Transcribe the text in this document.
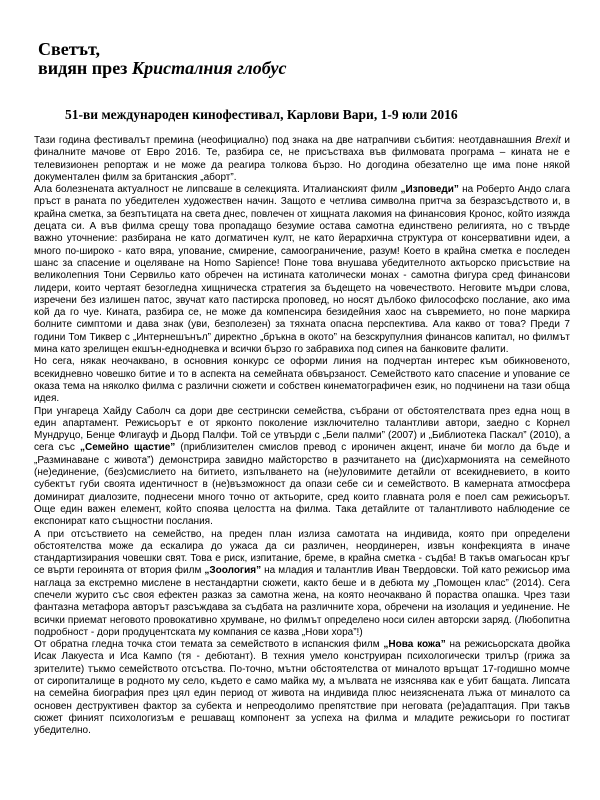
Светът,
видян през Кристалния глобус
51-ви международен кинофестивал, Карлови Вари, 1-9 юли 2016

Тази година фестивалът премина (неофициално) под знака на две натрапчиви събития: неотдавнашния Brexit и финалните мачове от Евро 2016. Те, разбира се, не присъстваха във филмовата програма – кината не е телевизионен репортаж и не може да реагира толкова бързо. Но догодина обезателно ще има поне някой документален филм за британския „аборт”.

Ала болезнената актуалност не липсваше в селекцията. Италианският филм „Изповеди” на Роберто Андо слага пръст в раната по убедителен художествен начин. Защото е четлива символна притча за безразсъдството и, в крайна сметка, за безпътицата на света днес, повлечен от хищната лакомия на финансовия Кронос, който изяжда децата си. А във филма срещу това пропадащо безумие остава самотна единствено религията, но с твърде важно уточнение: разбирана не като догматичен култ, не като йерархична структура от консервативни идеи, а много по-широко - като вяра, упование, смирение, самоограничение, разум! Което в крайна сметка е последен шанс за спасение и оцеляване на Homo Sapience! Поне това внушава убедителното актьорско присъствие на великолепния Тони Сервильо като обречен на истината католически монах - самотна фигура сред финансови лидери, които чертаят безогледна хищническа стратегия за бъдещето на човечеството. Неговите мъдри слова, изречени без излишен патос, звучат като пастирска проповед, но носят дълбоко философско послание, ако има кой да го чуе. Кината, разбира се, не може да компенсира безидейния хаос на съвремието, но поне маркира болните симптоми и дава знак (уви, безполезен) за тяхната опасна перспектива. Ала какво от това? Преди 7 години Том Тиквер с „Интернешънъл” директно „бръкна в окото” на безскрупулния финансов капитал, но филмът мина като зрелищен екшън-еднодневка и всички бързо го забравиха под сипея на банковите фалити.

Но сега, някак неочаквано, в основния конкурс се оформи линия на подчертан интерес към обикновеното, всекидневно човешко битие и то в аспекта на семейната обвързаност. Семейството като спасение и упование се оказа тема на няколко филма с различни сюжети и собствен кинематографичен език, но подчинени на тази обща идея.

При унгареца Хайду Саболч са дори две сестрински семейства, събрани от обстоятелствата през една нощ в един апартамент. Режисьорът е от ярконто поколение изключително талантливи автори, заедно с Корнел Мундруцо, Бенце Флигауф и Дьорд Палфи. Той се утвърди с „Бели палми” (2007) и „Библиотека Паскал” (2010), а сега със „Семейно щастие” (приблизителен смислов превод с ироничен акцент, иначе би могло да бъде и „Разминаване с живота”) демонстрира завидно майсторство в разчитането на (дис)хармонията на семейното (не)единение, (без)смислието на битието, изпълването на (не)уловимите детайли от всекидневието, в които субектът губи своята идентичност в (не)възможност да опази себе си и семейството. В камерната атмосфера доминират диалозите, поднесени много точно от актьорите, сред които главната роля е поел сам режисьорът. Още един важен елемент, който споява целостта на филма. Така детайлите от талантливото наблюдение се експонират като същностни послания.

А при отсъствието на семейство, на преден план излиза самотата на индивида, която при определени обстоятелства може да ескалира до ужаса да си различен, неординерен, извън конфекцията в иначе стандартизирания човешки свят. Това е риск, изпитание, бреме, в крайна сметка - съдба! В такъв омагьосан кръг се върти героинята от втория филм „Зоология” на младия и талантлив Иван Твердовски. Той като режисьор има наглаца за екстремно мислене в нестандартни сюжети, както беше и в дебюта му „Помощен клас” (2014). Сега спечели журито със своя ефектен разказ за самотна жена, на която неочаквано й пораства опашка. Чрез тази фантазна метафора авторът разсъждава за съдбата на различните хора, обречени на изолация и уединение. Не всички приемат неговото провокативно хрумване, но филмът определено носи силен авторски заряд. (Любопитна подробност - дори продуцентската му компания се казва „Нови хора”!)

От обратна гледна точка стои темата за семейството в испанския филм „Нова кожа” на режисьорската двойка Исак Лакуеста и Иса Кампо (тя - дебютант). В техния умело конструиран психологически трилър (грижа за зрителите) тъкмо семейството отсъства. По-точно, мътни обстоятелства от миналото връщат 17-годишно момче от сиропиталище в родното му село, където е само майка му, а мълвата не изяснява как е убит бащата. Липсата на семейна биография през цял един период от живота на индивида плюс неизяснената лъжа от миналото са основен деструктивен фактор за субекта и непреодолимо препятствие при неговата (ре)адаптация. При такъв сюжет финият психологизъм е решаващ компонент за успеха на филма и младите режисьори го постигат убедително.
